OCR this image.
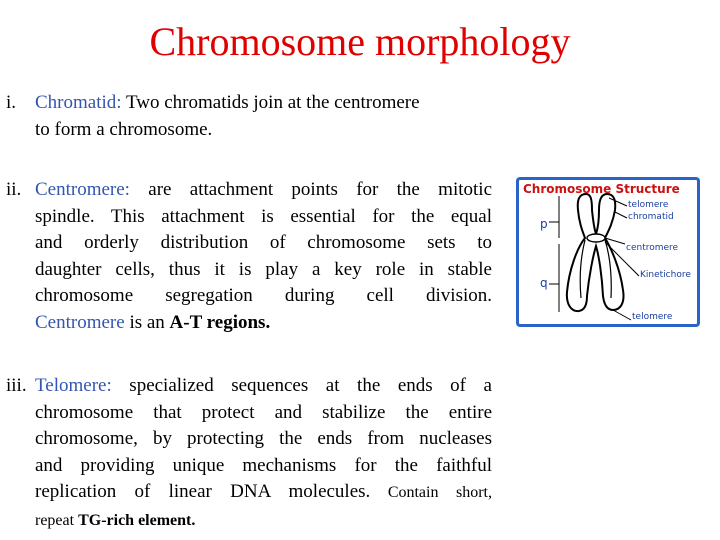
Chromosome morphology
i. Chromatid: Two chromatids join at the centromere
to form a chromosome.
ii. Centromere: are attachment points for the mitotic
spindle. This attachment is essential for the equal
and orderly distribution of chromosome sets to
daughter cells, thus it is play a key role in stable
chromosome segregation during cell division.
Centromere is an A-T regions.
iii. Telomere: specialized sequences at the ends of a
chromosome that protect and stabilize the entire
chromosome, by protecting the ends from nucleases
and providing unique mechanisms for the faithful
replication of linear DNA molecules. Contain short,
repeat TG-rich element.
Chromosome Structure
p
q
telomere
chromatid
centromere
Kinetichore
telomere
